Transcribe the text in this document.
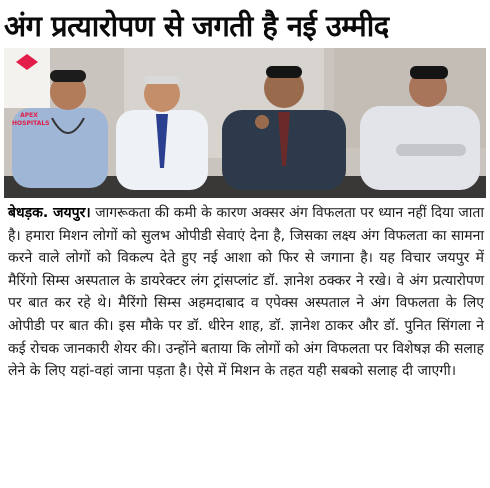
अंग प्रत्यारोपण से जगती है नई उम्मीद
APEX HOSPITALS
बेधड़क. जयपुर। जागरूकता की कमी के कारण अक्सर अंग विफलता पर ध्यान नहीं दिया जाता है। हमारा मिशन लोगों को सुलभ ओपीडी सेवाएं देना है, जिसका लक्ष्य अंग विफलता का सामना करने वाले लोगों को विकल्प देते हुए नई आशा को फिर से जगाना है। यह विचार जयपुर में मैरिंगो सिम्स अस्पताल के डायरेक्टर लंग ट्रांसप्लांट डॉ. ज्ञानेश ठक्कर ने रखे। वे अंग प्रत्यारोपण पर बात कर रहे थे। मैरिंगो सिम्स अहमदाबाद व एपेक्स अस्पताल ने अंग विफलता के लिए ओपीडी पर बात की। इस मौके पर डॉ. धीरेन शाह, डॉ. ज्ञानेश ठाकर और डॉ. पुनित सिंगला ने कई रोचक जानकारी शेयर की। उन्होंने बताया कि लोगों को अंग विफलता पर विशेषज्ञ की सलाह लेने के लिए यहां-वहां जाना पड़ता है। ऐसे में मिशन के तहत यही सबको सलाह दी जाएगी।
